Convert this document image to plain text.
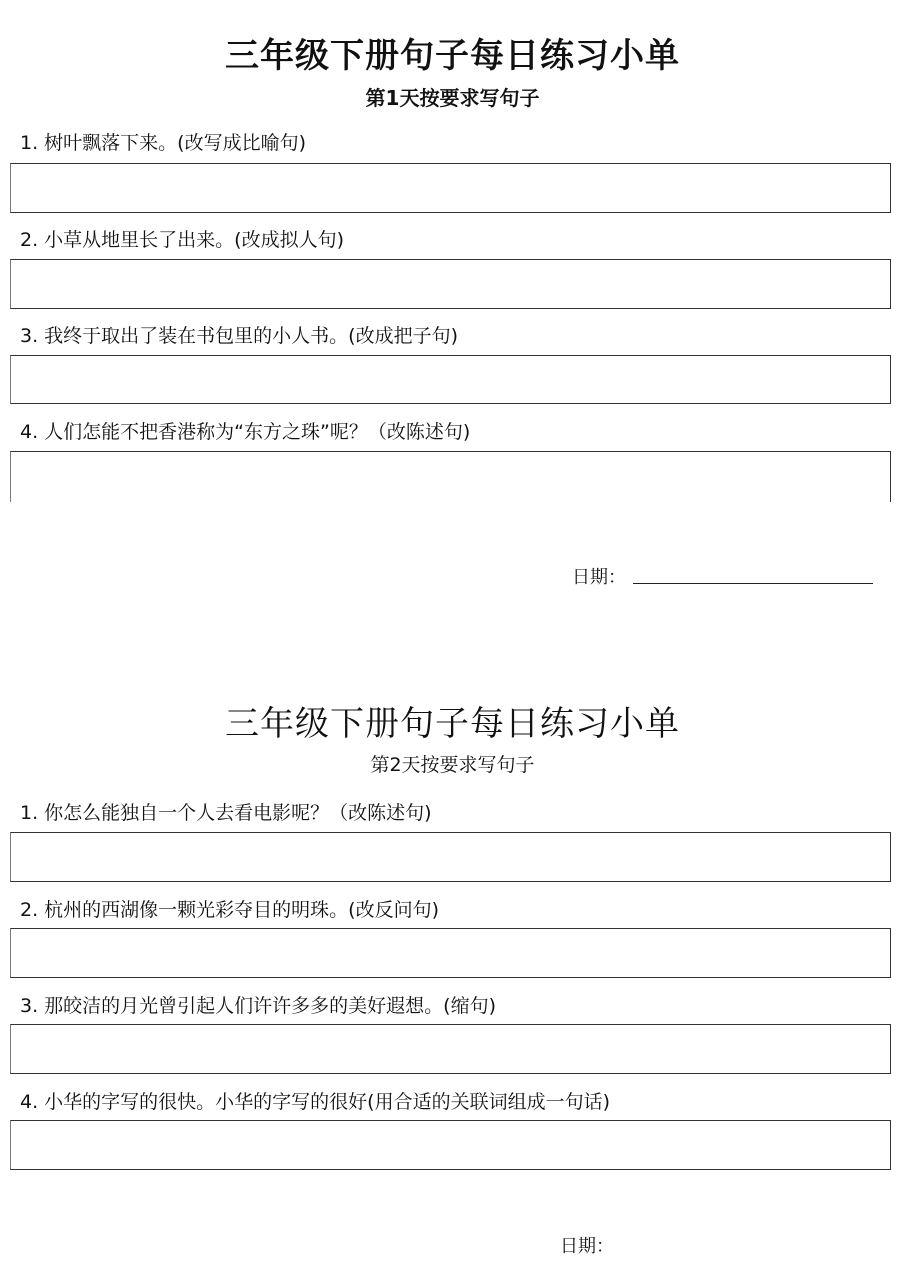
三年级下册句子每日练习小单
第1天按要求写句子
1. 树叶飘落下来。(改写成比喻句)
2. 小草从地里长了出来。(改成拟人句)
3. 我终于取出了装在书包里的小人书。(改成把子句)
4. 人们怎能不把香港称为“东方之珠”呢？（改陈述句)
日期：
三年级下册句子每日练习小单
第2天按要求写句子
1. 你怎么能独自一个人去看电影呢？（改陈述句)
2. 杭州的西湖像一颗光彩夺目的明珠。(改反问句)
3. 那皎洁的月光曾引起人们许许多多的美好遐想。(缩句)
4. 小华的字写的很快。小华的字写的很好(用合适的关联词组成一句话)
日期：
